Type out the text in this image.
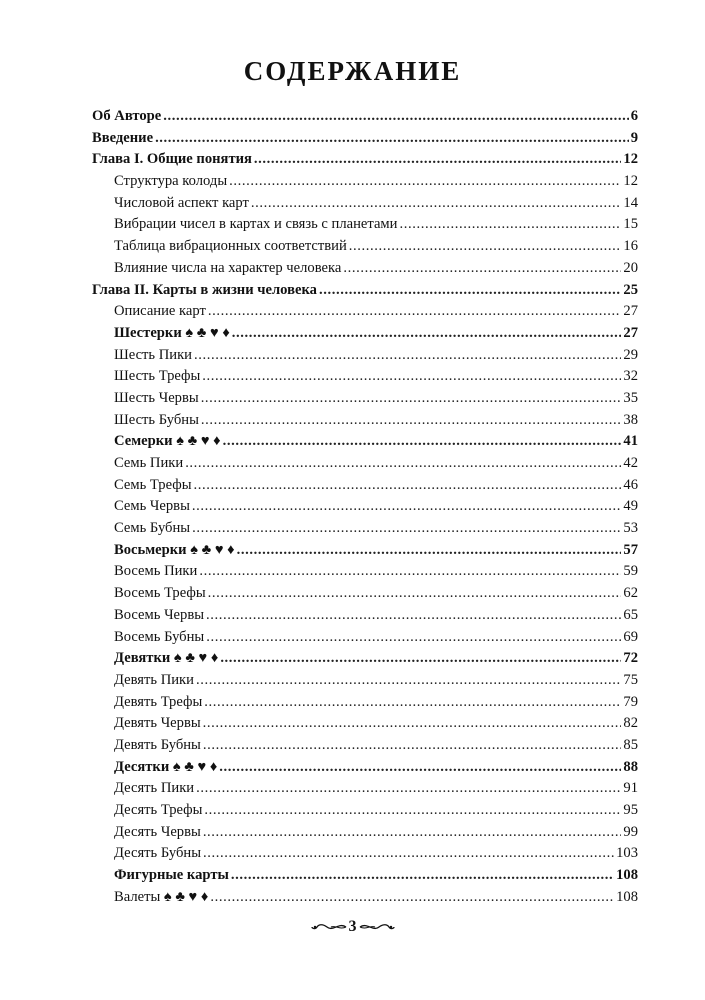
СОДЕРЖАНИЕ
Об Авторе .....	6
Введение .....	9
Глава I. Общие понятия .....	12
Структура колоды .....	12
Числовой аспект карт .....	14
Вибрации чисел в картах и связь с планетами .....	15
Таблица вибрационных соответствий .....	16
Влияние числа на характер человека .....	20
Глава II. Карты в жизни человека .....	25
Описание карт .....	27
Шестерки ♠ ♣ ♥ ♦ .....	27
Шесть Пики .....	29
Шесть Трефы .....	32
Шесть Червы .....	35
Шесть Бубны .....	38
Семерки ♠ ♣ ♥ ♦ .....	41
Семь Пики .....	42
Семь Трефы .....	46
Семь Червы .....	49
Семь Бубны .....	53
Восьмерки ♠ ♣ ♥ ♦ .....	57
Восемь Пики .....	59
Восемь Трефы .....	62
Восемь Червы .....	65
Восемь Бубны .....	69
Девятки ♠ ♣ ♥ ♦ .....	72
Девять Пики .....	75
Девять Трефы .....	79
Девять Червы .....	82
Девять Бубны .....	85
Десятки ♠ ♣ ♥ ♦ .....	88
Десять Пики .....	91
Десять Трефы .....	95
Десять Червы .....	99
Десять Бубны .....	103
Фигурные карты .....	108
Валеты ♠ ♣ ♥ ♦ .....	108
3
